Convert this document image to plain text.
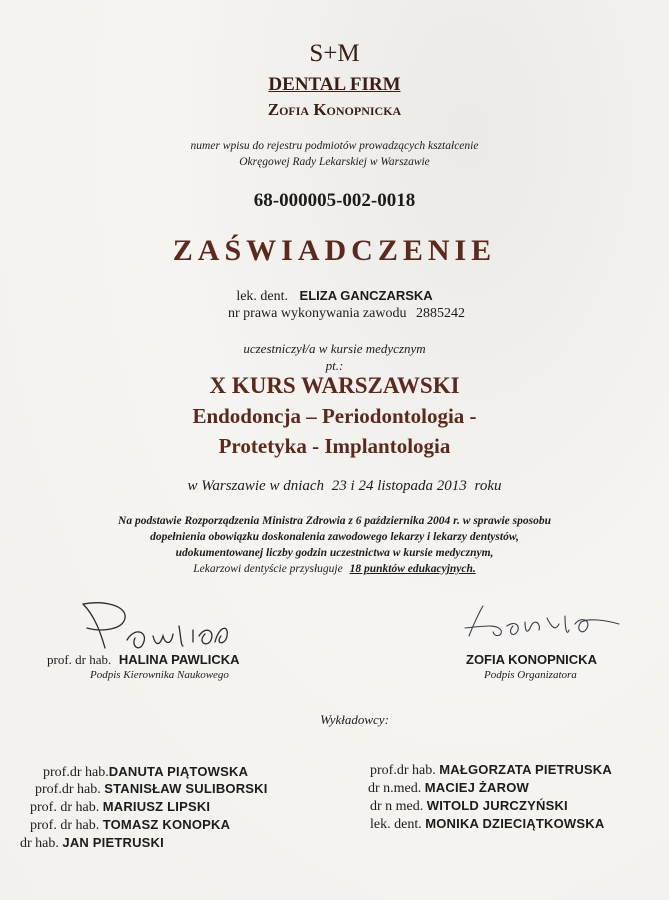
S+M
DENTAL FIRM
Zofia Konopnicka
numer wpisu do rejestru podmiotów prowadzących kształcenie
Okręgowej Rady Lekarskiej w Warszawie
68-000005-002-0018
ZAŚWIADCZENIE
lek. dent. ELIZA GANCZARSKA
nr prawa wykonywania zawodu 2885242
uczestniczył/a w kursie medycznym
pt.:
X KURS WARSZAWSKI
Endodoncja – Periodontologia -
Protetyka - Implantologia
w Warszawie w dniach 23 i 24 listopada 2013 roku
Na podstawie Rozporządzenia Ministra Zdrowia z 6 października 2004 r. w sprawie sposobu
dopełnienia obowiązku doskonalenia zawodowego lekarzy i lekarzy dentystów,
udokumentowanej liczby godzin uczestnictwa w kursie medycznym,
Lekarzowi dentyście przysługuje 18 punktów edukacyjnych.
prof. dr hab. HALINA PAWLICKA
Podpis Kierownika Naukowego
ZOFIA KONOPNICKA
Podpis Organizatora
Wykładowcy:
prof.dr hab.DANUTA PIĄTOWSKA
prof.dr hab. STANISŁAW SULIBORSKI
prof. dr hab. MARIUSZ LIPSKI
prof. dr hab. TOMASZ KONOPKA
dr hab. JAN PIETRUSKI
prof.dr hab. MAŁGORZATA PIETRUSKA
dr n.med. MACIEJ ŻAROW
dr n med. WITOLD JURCZYŃSKI
lek. dent. MONIKA DZIECIĄTKOWSKA
